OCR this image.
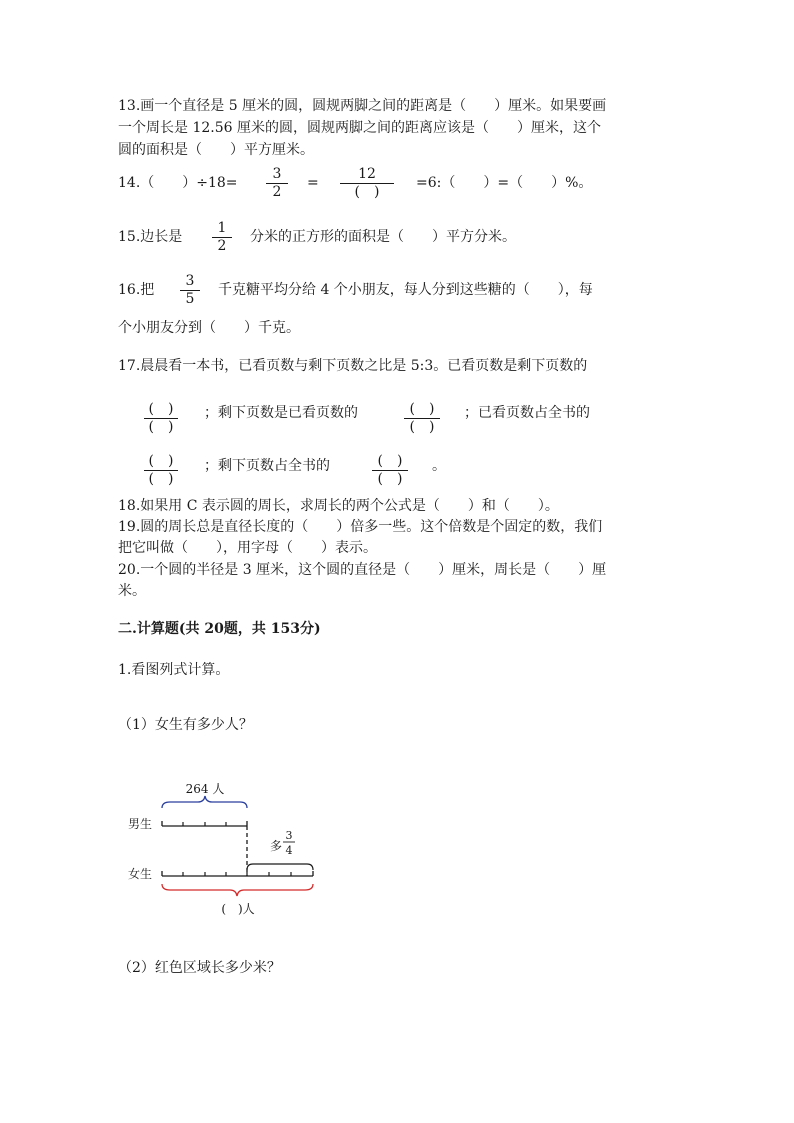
13.画一个直径是 5 厘米的圆，圆规两脚之间的距离是（　　）厘米。如果要画
一个周长是 12.56 厘米的圆，圆规两脚之间的距离应该是（　　）厘米，这个
圆的面积是（　　）平方厘米。
14.（　　）÷18=
3
2
=
12
(　)
=6:（　　）=（　　）%。
15.边长是
1
2
分米的正方形的面积是（　　）平方分米。
16.把
3
5
千克糖平均分给 4 个小朋友，每人分到这些糖的（　　），每
个小朋友分到（　　）千克。
17.晨晨看一本书，已看页数与剩下页数之比是 5:3。已看页数是剩下页数的
(　)
(　)
；剩下页数是已看页数的	(　)
(　)
；已看页数占全书的
(　)
(　)
；剩下页数占全书的	(　)
(　)
。
18.如果用 C 表示圆的周长，求周长的两个公式是（　　）和（　　）。
19.圆的周长总是直径长度的（　　）倍多一些。这个倍数是个固定的数，我们
把它叫做（　　），用字母（　　）表示。
20.一个圆的半径是 3 厘米，这个圆的直径是（　　）厘米，周长是（　　）厘
米。
二.计算题(共 20题，共 153分)
1.看图列式计算。
（1）女生有多少人？
264 人
男生
多
3
4
女生
(　)人
（2）红色区域长多少米？
